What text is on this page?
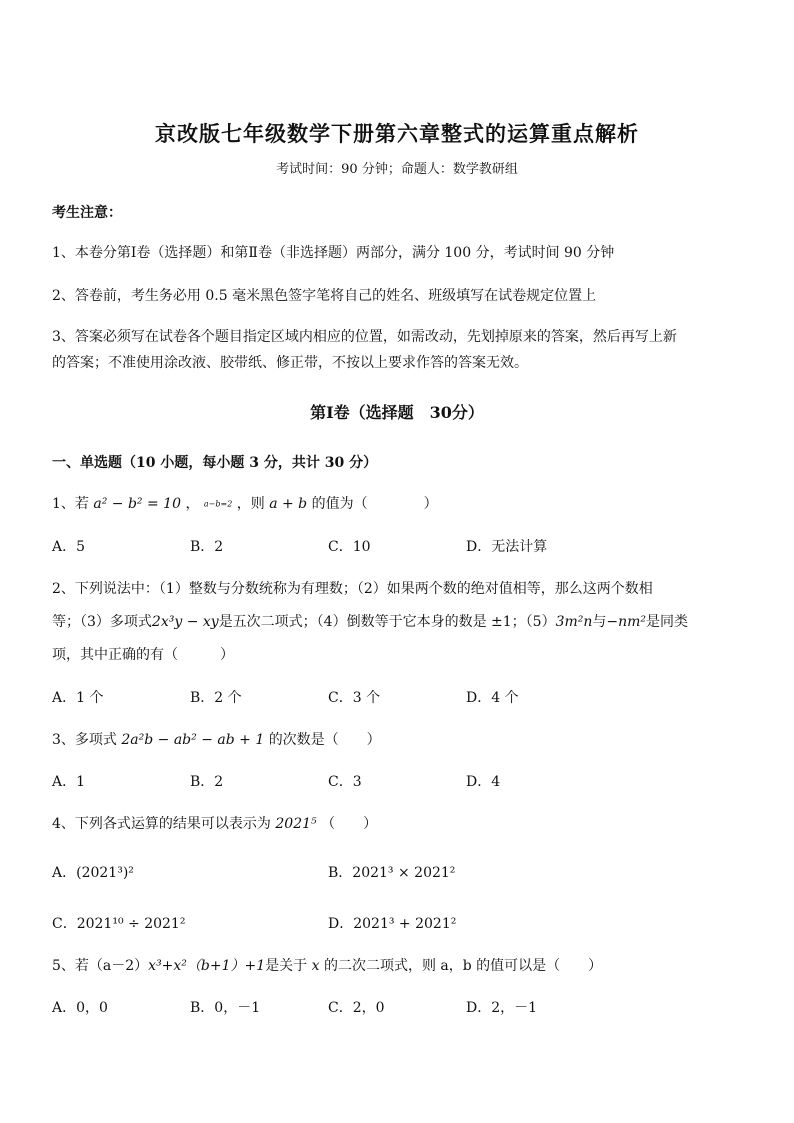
京改版七年级数学下册第六章整式的运算重点解析
考试时间：90 分钟；命题人：数学教研组
考生注意：
1、本卷分第Ⅰ卷（选择题）和第Ⅱ卷（非选择题）两部分，满分 100 分，考试时间 90 分钟
2、答卷前，考生务必用 0.5 毫米黑色签字笔将自己的姓名、班级填写在试卷规定位置上
3、答案必须写在试卷各个题目指定区域内相应的位置，如需改动，先划掉原来的答案，然后再写上新
的答案；不准使用涂改液、胶带纸、修正带，不按以上要求作答的答案无效。
第Ⅰ卷（选择题　30分）
一、单选题（10 小题，每小题 3 分，共计 30 分）
1、若 a² − b² = 10 ， a−b=2 ，则 a + b 的值为（　　　　）
A．5	B．2	C．10	D．无法计算
2、下列说法中：（1）整数与分数统称为有理数；（2）如果两个数的绝对值相等，那么这两个数相
等；（3）多项式2x³y − xy是五次二项式；（4）倒数等于它本身的数是 ±1；（5）3m²n与−nm²是同类
项，其中正确的有（　　　）
A．1 个	B．2 个	C．3 个	D．4 个
3、多项式 2a²b − ab² − ab + 1 的次数是（　　）
A．1	B．2	C．3	D．4
4、下列各式运算的结果可以表示为 2021⁵ （　　）
A．(2021³)²	B．2021³ × 2021²
C．2021¹⁰ ÷ 2021²	D．2021³ + 2021²
5、若（a－2）x³+x²（b+1）+1是关于 x 的二次二项式，则 a，b 的值可以是（　　）
A．0，0	B．0，－1	C．2，0	D．2，－1
